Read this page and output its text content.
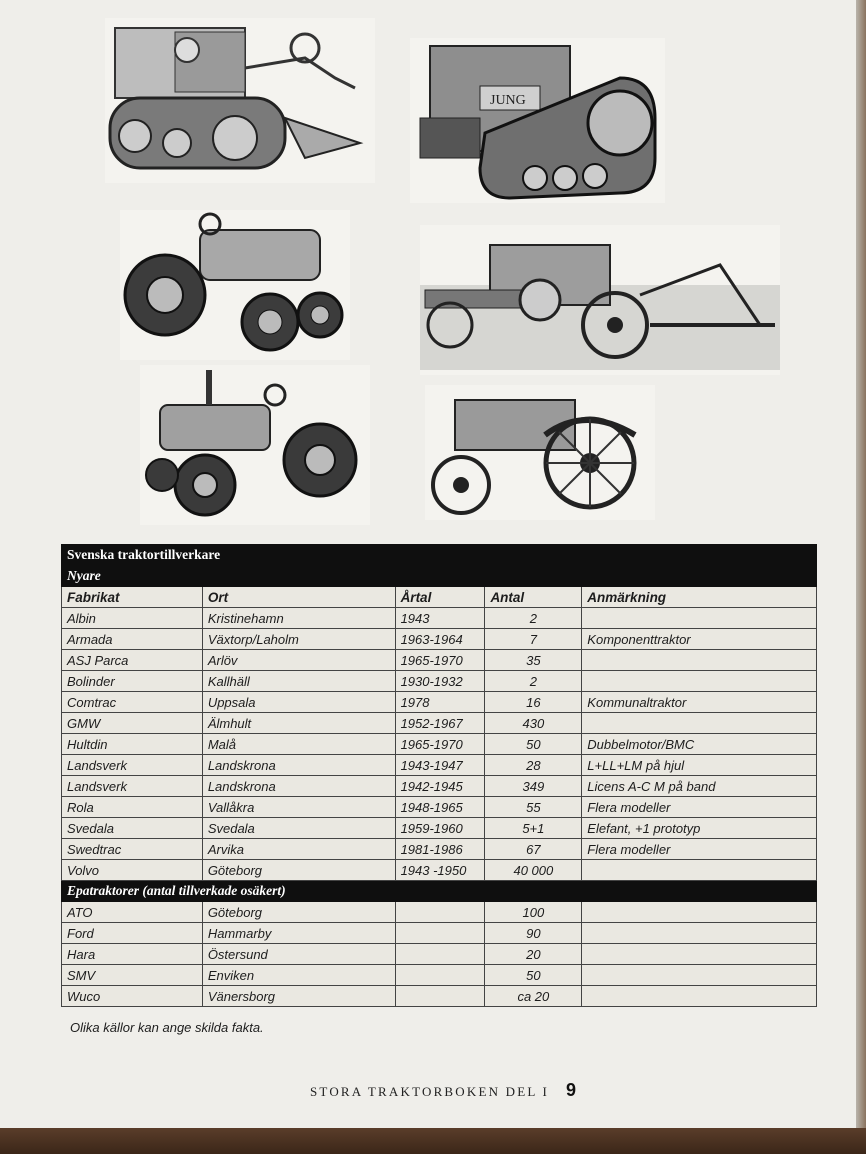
JUNG
Svenska traktortillverkare				
Nyare				
Fabrikat	Ort	Årtal	Antal	Anmärkning
Albin	Kristinehamn	1943	2	
Armada	Växtorp/Laholm	1963-1964	7	Komponenttraktor
ASJ Parca	Arlöv	1965-1970	35	
Bolinder	Kallhäll	1930-1932	2	
Comtrac	Uppsala	1978	16	Kommunaltraktor
GMW	Älmhult	1952-1967	430	
Hultdin	Malå	1965-1970	50	Dubbelmotor/BMC
Landsverk	Landskrona	1943-1947	28	L+LL+LM på hjul
Landsverk	Landskrona	1942-1945	349	Licens A-C M på band
Rola	Vallåkra	1948-1965	55	Flera modeller
Svedala	Svedala	1959-1960	5+1	Elefant, +1 prototyp
Swedtrac	Arvika	1981-1986	67	Flera modeller
Volvo	Göteborg	1943 -1950	40 000	
Epatraktorer (antal tillverkade osäkert)				
ATO	Göteborg		100	
Ford	Hammarby		90	
Hara	Östersund		20	
SMV	Enviken		50	
Wuco	Vänersborg		ca 20	
Olika källor kan ange skilda fakta.
STORA TRAKTORBOKEN DEL I 9
